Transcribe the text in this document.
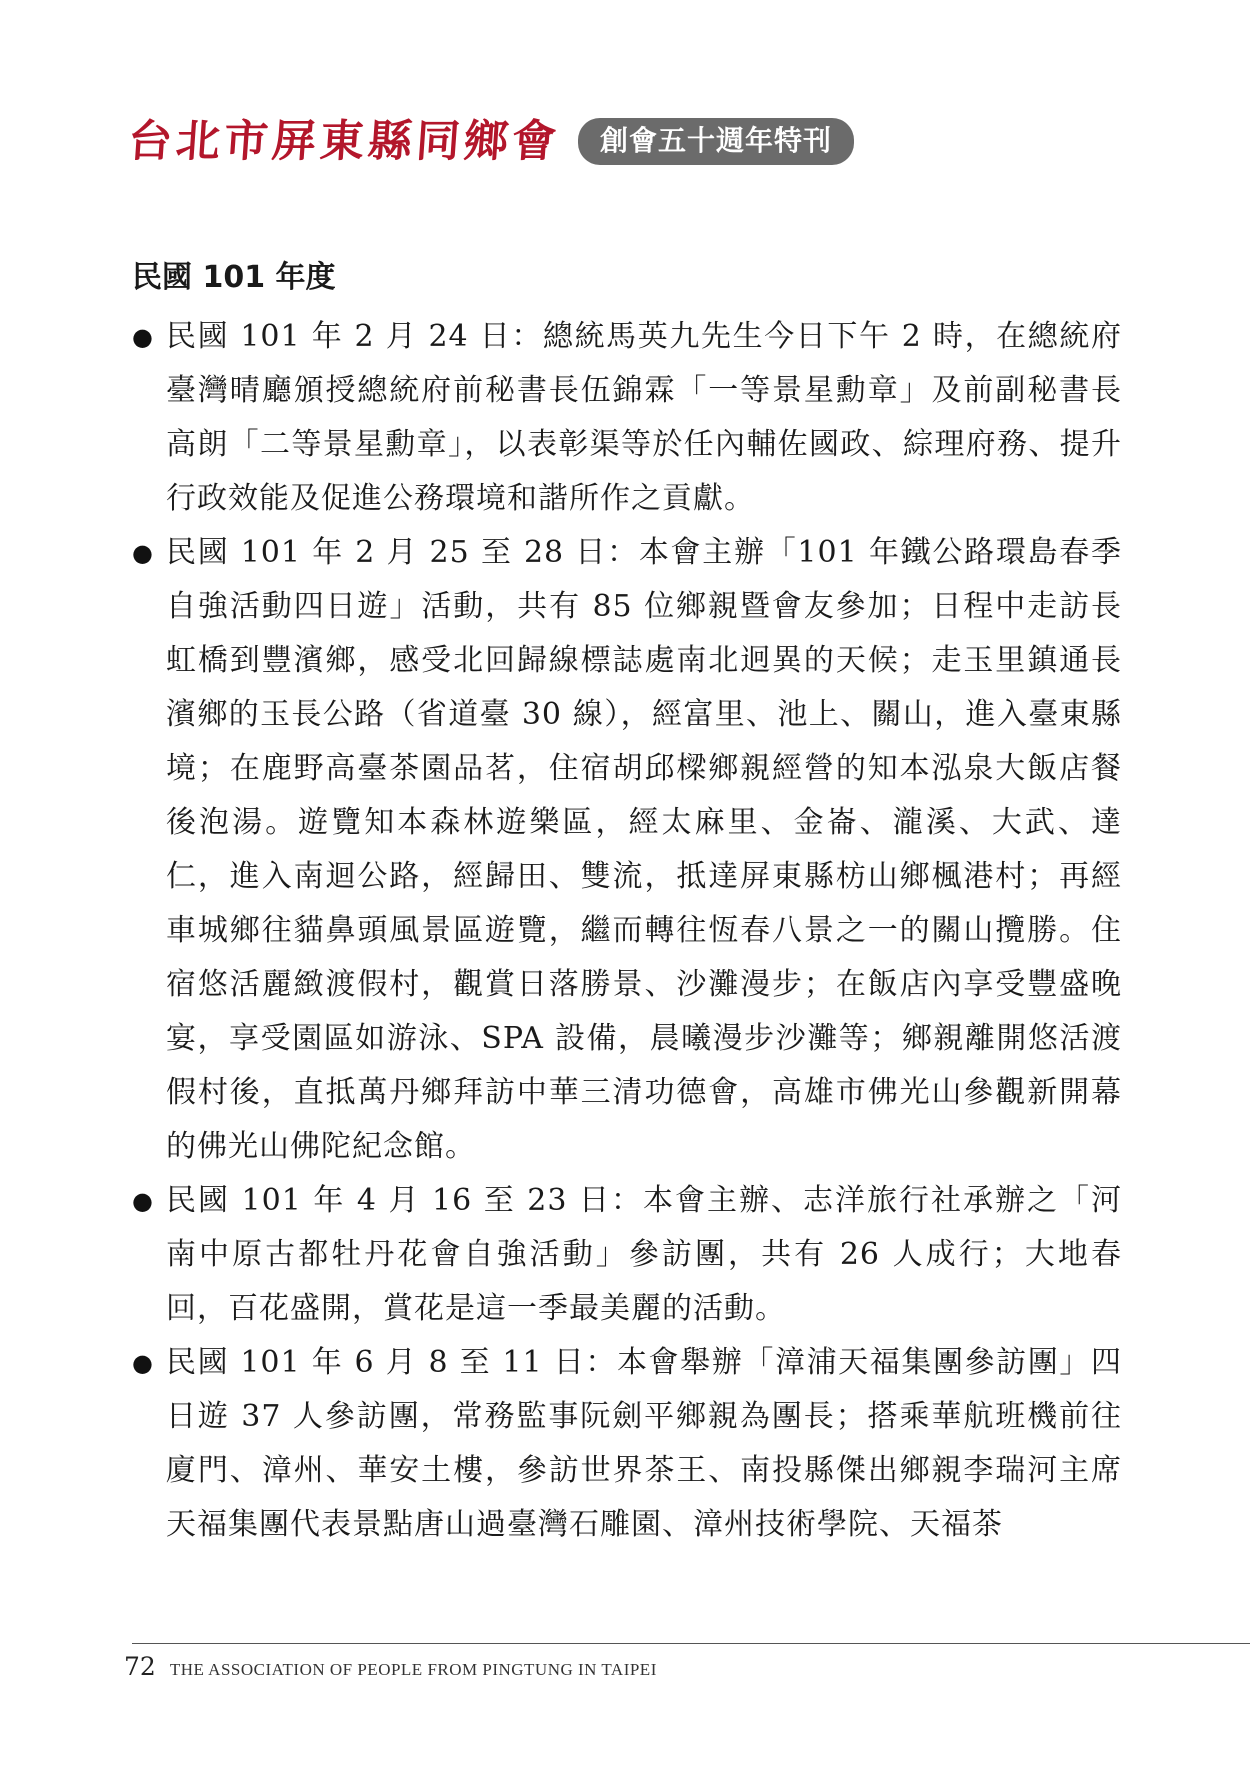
台北市屏東縣同鄉會	創會五十週年特刊
民國 101 年度
● 民國 101 年 2 月 24 日：總統馬英九先生今日下午 2 時，在總統府臺灣晴廳頒授總統府前秘書長伍錦霖「一等景星勳章」及前副秘書長高朗「二等景星勳章」，以表彰渠等於任內輔佐國政、綜理府務、提升行政效能及促進公務環境和諧所作之貢獻。

● 民國 101 年 2 月 25 至 28 日：本會主辦「101 年鐵公路環島春季自強活動四日遊」活動，共有 85 位鄉親暨會友參加；日程中走訪長虹橋到豐濱鄉，感受北回歸線標誌處南北迥異的天候；走玉里鎮通長濱鄉的玉長公路（省道臺 30 線），經富里、池上、關山，進入臺東縣境；在鹿野高臺茶園品茗，住宿胡邱樑鄉親經營的知本泓泉大飯店餐後泡湯。遊覽知本森林遊樂區，經太麻里、金崙、瀧溪、大武、達仁，進入南迴公路，經歸田、雙流，抵達屏東縣枋山鄉楓港村；再經車城鄉往貓鼻頭風景區遊覽，繼而轉往恆春八景之一的關山攬勝。住宿悠活麗緻渡假村，觀賞日落勝景、沙灘漫步；在飯店內享受豐盛晚宴，享受園區如游泳、SPA 設備，晨曦漫步沙灘等；鄉親離開悠活渡假村後，直抵萬丹鄉拜訪中華三清功德會，高雄市佛光山參觀新開幕的佛光山佛陀紀念館。

● 民國 101 年 4 月 16 至 23 日：本會主辦、志洋旅行社承辦之「河南中原古都牡丹花會自強活動」參訪團，共有 26 人成行；大地春回，百花盛開，賞花是這一季最美麗的活動。

● 民國 101 年 6 月 8 至 11 日：本會舉辦「漳浦天福集團參訪團」四日遊 37 人參訪團，常務監事阮劍平鄉親為團長；搭乘華航班機前往廈門、漳州、華安土樓，參訪世界茶王、南投縣傑出鄉親李瑞河主席天福集團代表景點唐山過臺灣石雕園、漳州技術學院、天福茶

72 THE ASSOCIATION OF PEOPLE FROM PINGTUNG IN TAIPEI
